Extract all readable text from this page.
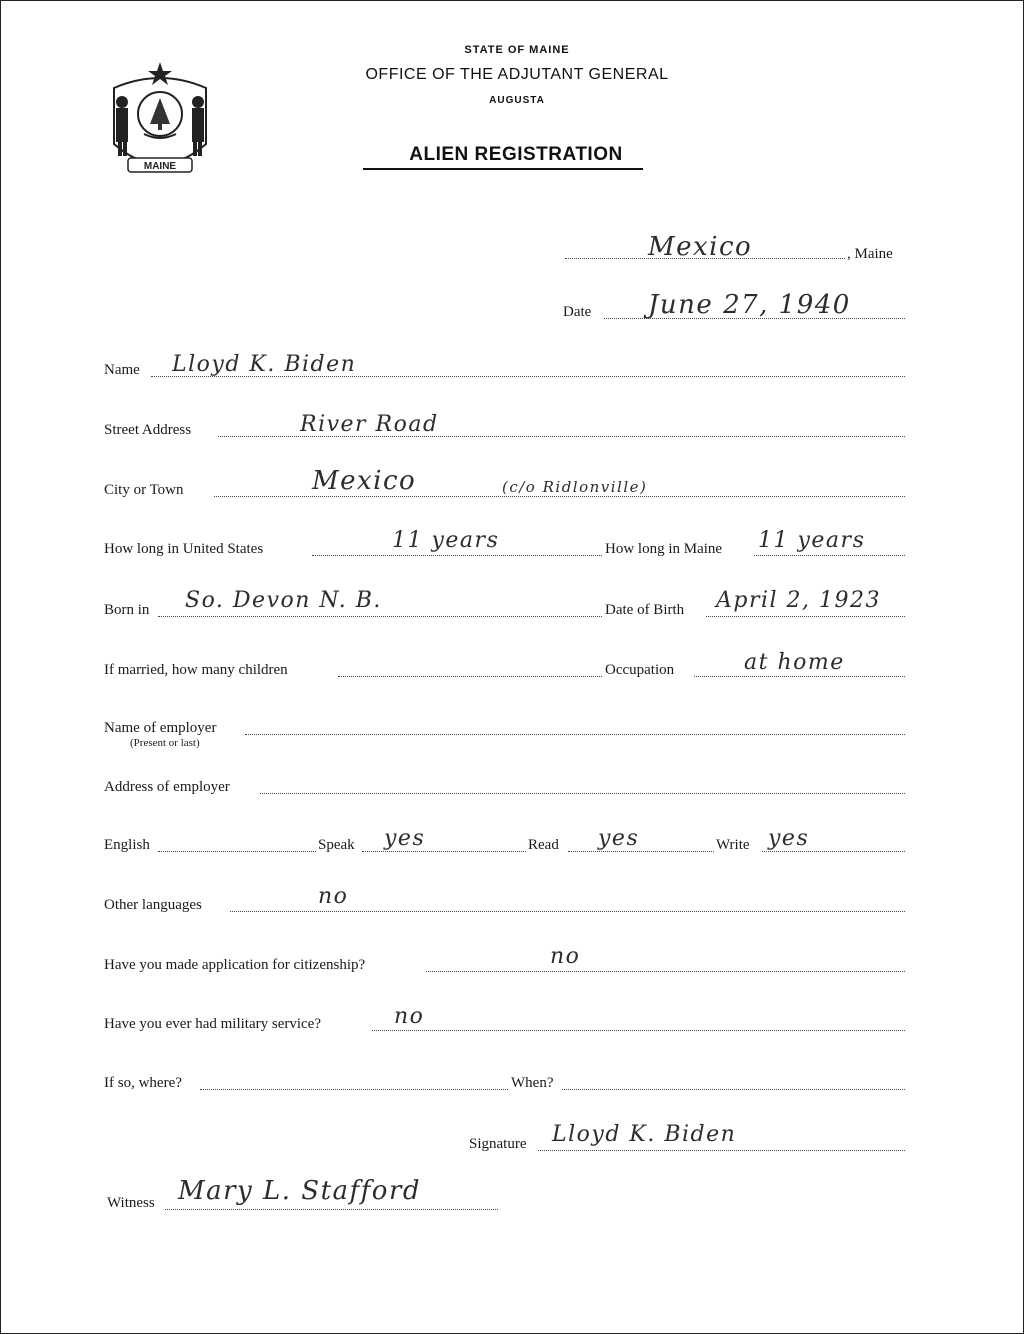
MAINE
STATE OF MAINE
OFFICE OF THE ADJUTANT GENERAL
AUGUSTA
ALIEN REGISTRATION
Mexico	, Maine
Date June 27, 1940
Name Lloyd K. Biden
Street Address	River Road
City or Town	Mexico	(c/o Ridlonville)
How long in United States	11 years	How long in Maine 11 years
Born in So. Devon N. B.	Date of Birth April 2, 1923
If married, how many children	Occupation	at home
Name of employer
(Present or last)
Address of employer
English	Speak yes	Read yes	Write yes
Other languages	no
Have you made application for citizenship?	no
Have you ever had military service?	no
If so, where?	When?
Signature Lloyd K. Biden
Witness Mary L. Stafford
